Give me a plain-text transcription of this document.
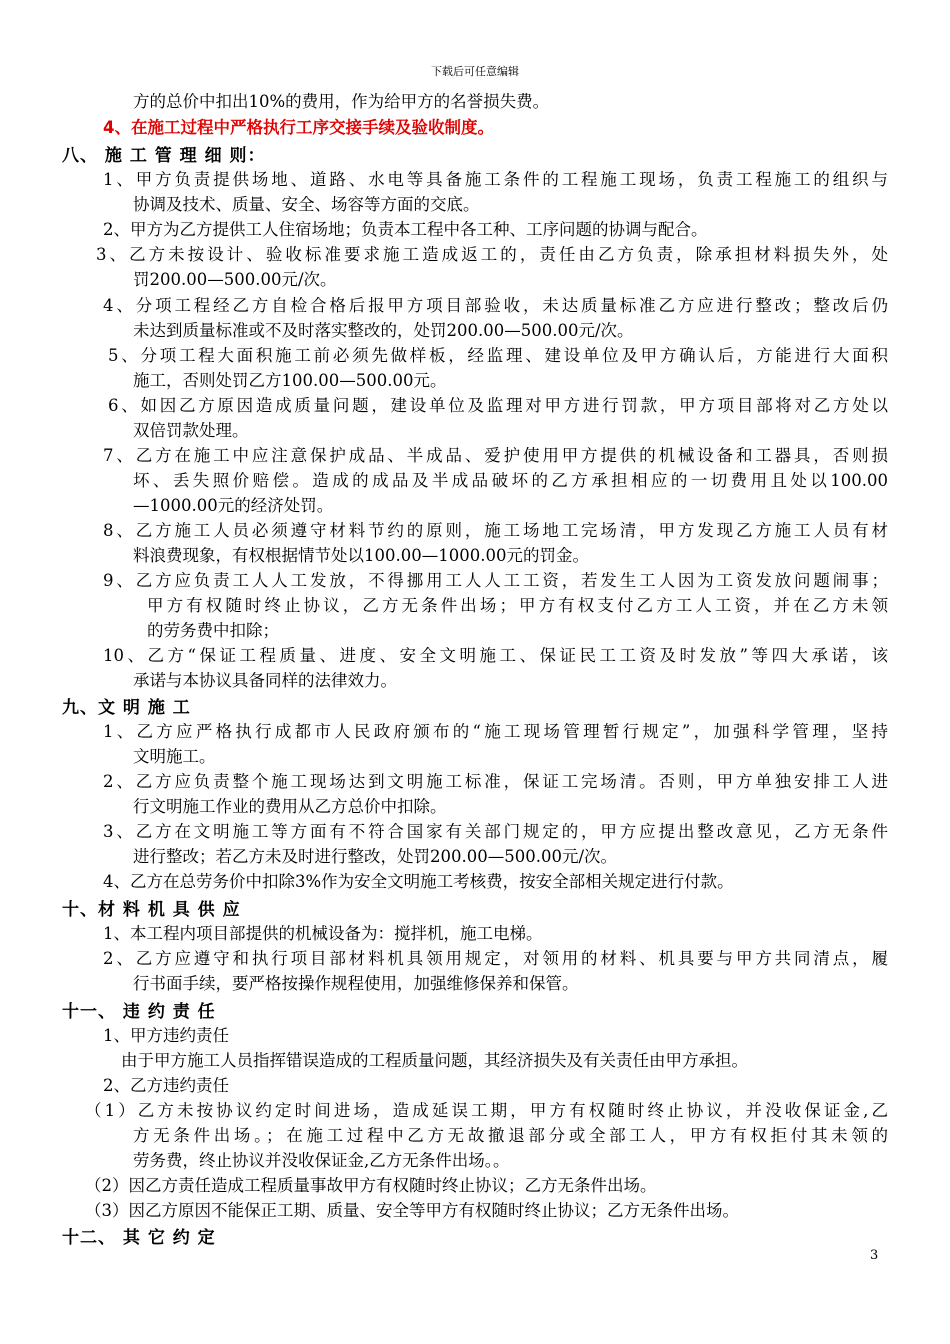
下载后可任意编辑
方的总价中扣出10%的费用，作为给甲方的名誉损失费。
4、在施工过程中严格执行工序交接手续及验收制度。
八、 施 工 管 理 细 则：
1、甲方负责提供场地、道路、水电等具备施工条件的工程施工现场，负责工程施工的组织与
协调及技术、质量、安全、场容等方面的交底。
2、甲方为乙方提供工人住宿场地；负责本工程中各工种、工序问题的协调与配合。
3、乙方未按设计、验收标准要求施工造成返工的，责任由乙方负责，除承担材料损失外，处
罚200.00—500.00元/次。
4、分项工程经乙方自检合格后报甲方项目部验收，未达质量标准乙方应进行整改；整改后仍
未达到质量标准或不及时落实整改的，处罚200.00—500.00元/次。
5、分项工程大面积施工前必须先做样板，经监理、建设单位及甲方确认后，方能进行大面积
施工，否则处罚乙方100.00—500.00元。
6、如因乙方原因造成质量问题，建设单位及监理对甲方进行罚款，甲方项目部将对乙方处以
双倍罚款处理。
7、乙方在施工中应注意保护成品、半成品、爱护使用甲方提供的机械设备和工器具，否则损
坏、丢失照价赔偿。造成的成品及半成品破坏的乙方承担相应的一切费用且处以100.00
—1000.00元的经济处罚。
8、乙方施工人员必须遵守材料节约的原则，施工场地工完场清，甲方发现乙方施工人员有材
料浪费现象，有权根据情节处以100.00—1000.00元的罚金。
9、乙方应负责工人人工发放，不得挪用工人人工工资，若发生工人因为工资发放问题闹事；
甲方有权随时终止协议，乙方无条件出场；甲方有权支付乙方工人工资，并在乙方未领
的劳务费中扣除；
10、乙方“保证工程质量、进度、安全文明施工、保证民工工资及时发放”等四大承诺，该
承诺与本协议具备同样的法律效力。
九、文 明 施 工
1、乙方应严格执行成都市人民政府颁布的“施工现场管理暂行规定”，加强科学管理，坚持
文明施工。
2、乙方应负责整个施工现场达到文明施工标准，保证工完场清。否则，甲方单独安排工人进
行文明施工作业的费用从乙方总价中扣除。
3、乙方在文明施工等方面有不符合国家有关部门规定的，甲方应提出整改意见，乙方无条件
进行整改；若乙方未及时进行整改，处罚200.00—500.00元/次。
4、乙方在总劳务价中扣除3%作为安全文明施工考核费，按安全部相关规定进行付款。
十、材 料 机 具 供 应
1、本工程内项目部提供的机械设备为：搅拌机，施工电梯。
2、乙方应遵守和执行项目部材料机具领用规定，对领用的材料、机具要与甲方共同清点，履
行书面手续，要严格按操作规程使用，加强维修保养和保管。
十一、 违 约 责 任
1、甲方违约责任
由于甲方施工人员指挥错误造成的工程质量问题，其经济损失及有关责任由甲方承担。
2、乙方违约责任
（1）乙方未按协议约定时间进场，造成延误工期，甲方有权随时终止协议，并没收保证金,乙
方无条件出场。；在施工过程中乙方无故撤退部分或全部工人，甲方有权拒付其未领的
劳务费，终止协议并没收保证金,乙方无条件出场。。
（2）因乙方责任造成工程质量事故甲方有权随时终止协议；乙方无条件出场。
（3）因乙方原因不能保正工期、质量、安全等甲方有权随时终止协议；乙方无条件出场。
十二、 其 它 约 定
3
